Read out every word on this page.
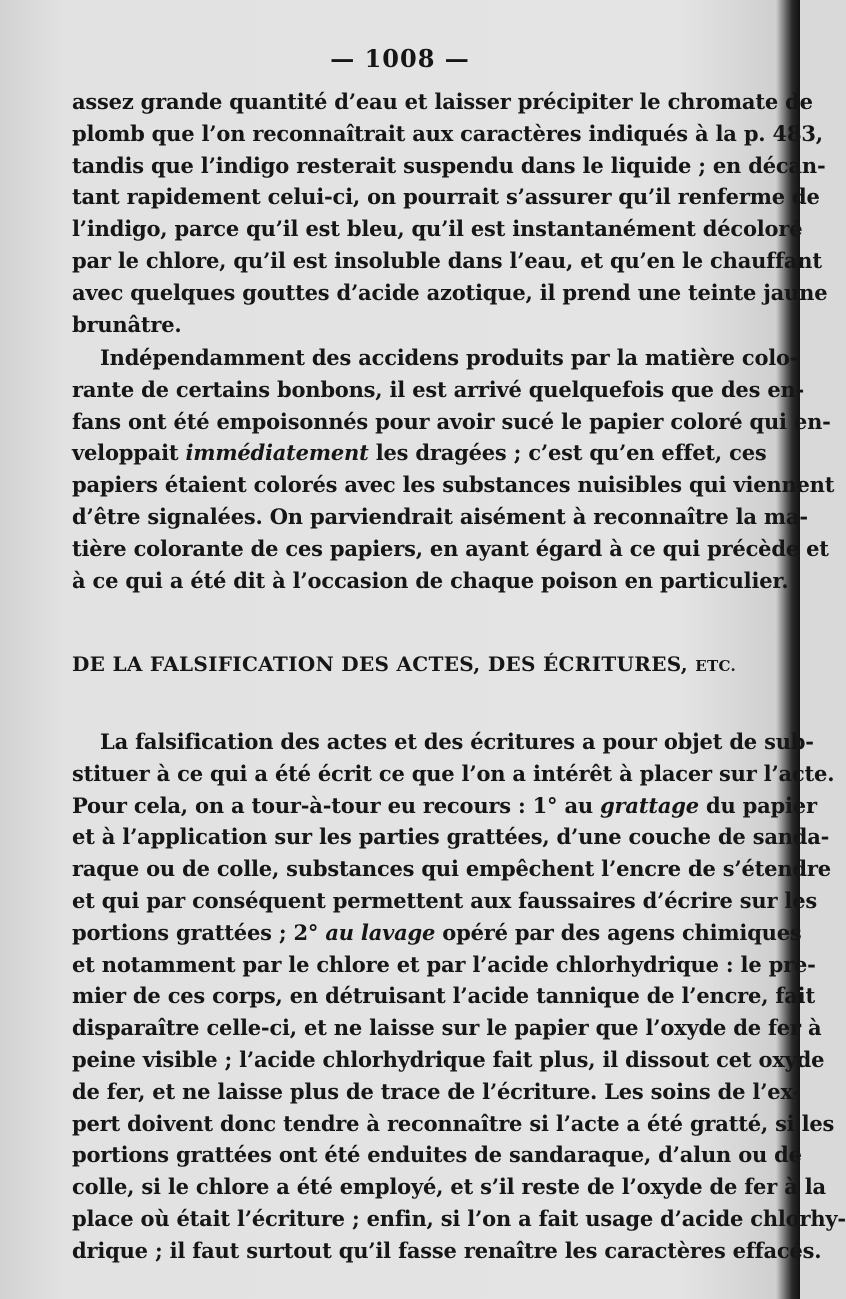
— 1008 —
assez grande quantité d’eau et laisser précipiter le chromate de
plomb que l’on reconnaîtrait aux caractères indiqués à la p. 483,
tandis que l’indigo resterait suspendu dans le liquide ; en décan-
tant rapidement celui-ci, on pourrait s’assurer qu’il renferme de
l’indigo, parce qu’il est bleu, qu’il est instantanément décoloré
par le chlore, qu’il est insoluble dans l’eau, et qu’en le chauffant
avec quelques gouttes d’acide azotique, il prend une teinte jaune
brunâtre.
Indépendamment des accidens produits par la matière colo-
rante de certains bonbons, il est arrivé quelquefois que des en-
fans ont été empoisonnés pour avoir sucé le papier coloré qui en-
veloppait immédiatement les dragées ; c’est qu’en effet, ces
papiers étaient colorés avec les substances nuisibles qui viennent
d’être signalées. On parviendrait aisément à reconnaître la ma-
tière colorante de ces papiers, en ayant égard à ce qui précède et
à ce qui a été dit à l’occasion de chaque poison en particulier.
DE LA FALSIFICATION DES ACTES, DES ÉCRITURES, ETC.
La falsification des actes et des écritures a pour objet de sub-
stituer à ce qui a été écrit ce que l’on a intérêt à placer sur l’acte.
Pour cela, on a tour-à-tour eu recours : 1° au grattage du papier
et à l’application sur les parties grattées, d’une couche de sanda-
raque ou de colle, substances qui empêchent l’encre de s’étendre
et qui par conséquent permettent aux faussaires d’écrire sur les
portions grattées ; 2° au lavage opéré par des agens chimiques
et notamment par le chlore et par l’acide chlorhydrique : le pre-
mier de ces corps, en détruisant l’acide tannique de l’encre, fait
disparaître celle-ci, et ne laisse sur le papier que l’oxyde de fer à
peine visible ; l’acide chlorhydrique fait plus, il dissout cet oxyde
de fer, et ne laisse plus de trace de l’écriture. Les soins de l’ex-
pert doivent donc tendre à reconnaître si l’acte a été gratté, si les
portions grattées ont été enduites de sandaraque, d’alun ou de
colle, si le chlore a été employé, et s’il reste de l’oxyde de fer à la
place où était l’écriture ; enfin, si l’on a fait usage d’acide chlorhy-
drique ; il faut surtout qu’il fasse renaître les caractères effacés.
